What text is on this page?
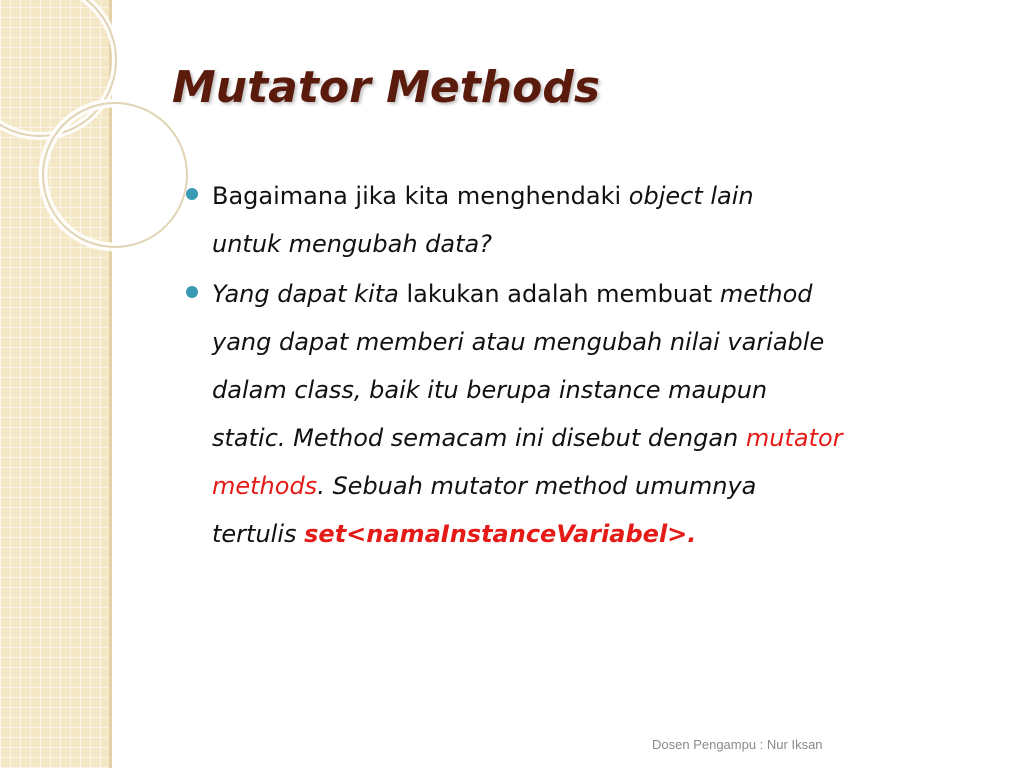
Mutator Methods
Bagaimana jika kita menghendaki object lain
untuk mengubah data?
Yang dapat kita lakukan adalah membuat method
yang dapat memberi atau mengubah nilai variable
dalam class, baik itu berupa instance maupun
static. Method semacam ini disebut dengan mutator
methods. Sebuah mutator method umumnya
tertulis set<namaInstanceVariabel>.
Dosen Pengampu : Nur Iksan
